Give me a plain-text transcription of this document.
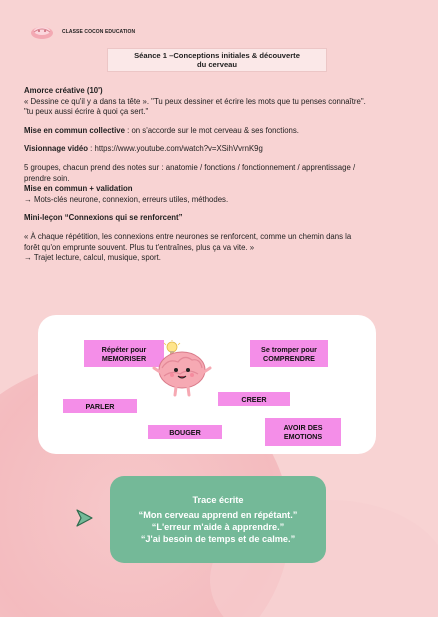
CLASSE COCON EDUCATION
Séance 1 –Conceptions initiales & découverte
du cerveau

Amorce créative (10')

« Dessine ce qu'il y a dans ta tête ». "Tu peux dessiner et écrire les mots que tu penses connaître".

"tu peux aussi écrire à quoi ça sert."

Mise en commun collective : on s'accorde sur le mot cerveau & ses fonctions.

Visionnage vidéo : https://www.youtube.com/watch?v=XSihVvrnK9g

5 groupes, chacun prend des notes sur : anatomie / fonctions / fonctionnement / apprentissage /

prendre soin.

Mise en commun + validation

→ Mots-clés neurone, connexion, erreurs utiles, méthodes.

Mini-leçon “Connexions qui se renforcent”

« À chaque répétition, les connexions entre neurones se renforcent, comme un chemin dans la

forêt qu'on emprunte souvent. Plus tu t'entraînes, plus ça va vite. »

→ Trajet lecture, calcul, musique, sport.

Répéter pour
MEMORISER
Se tromper pour
COMPRENDRE
PARLER
CREER
BOUGER	AVOIR DES
EMOTIONS
Trace écrite
“Mon cerveau apprend en répétant.”
“L'erreur m'aide à apprendre.”
“J'ai besoin de temps et de calme.”
